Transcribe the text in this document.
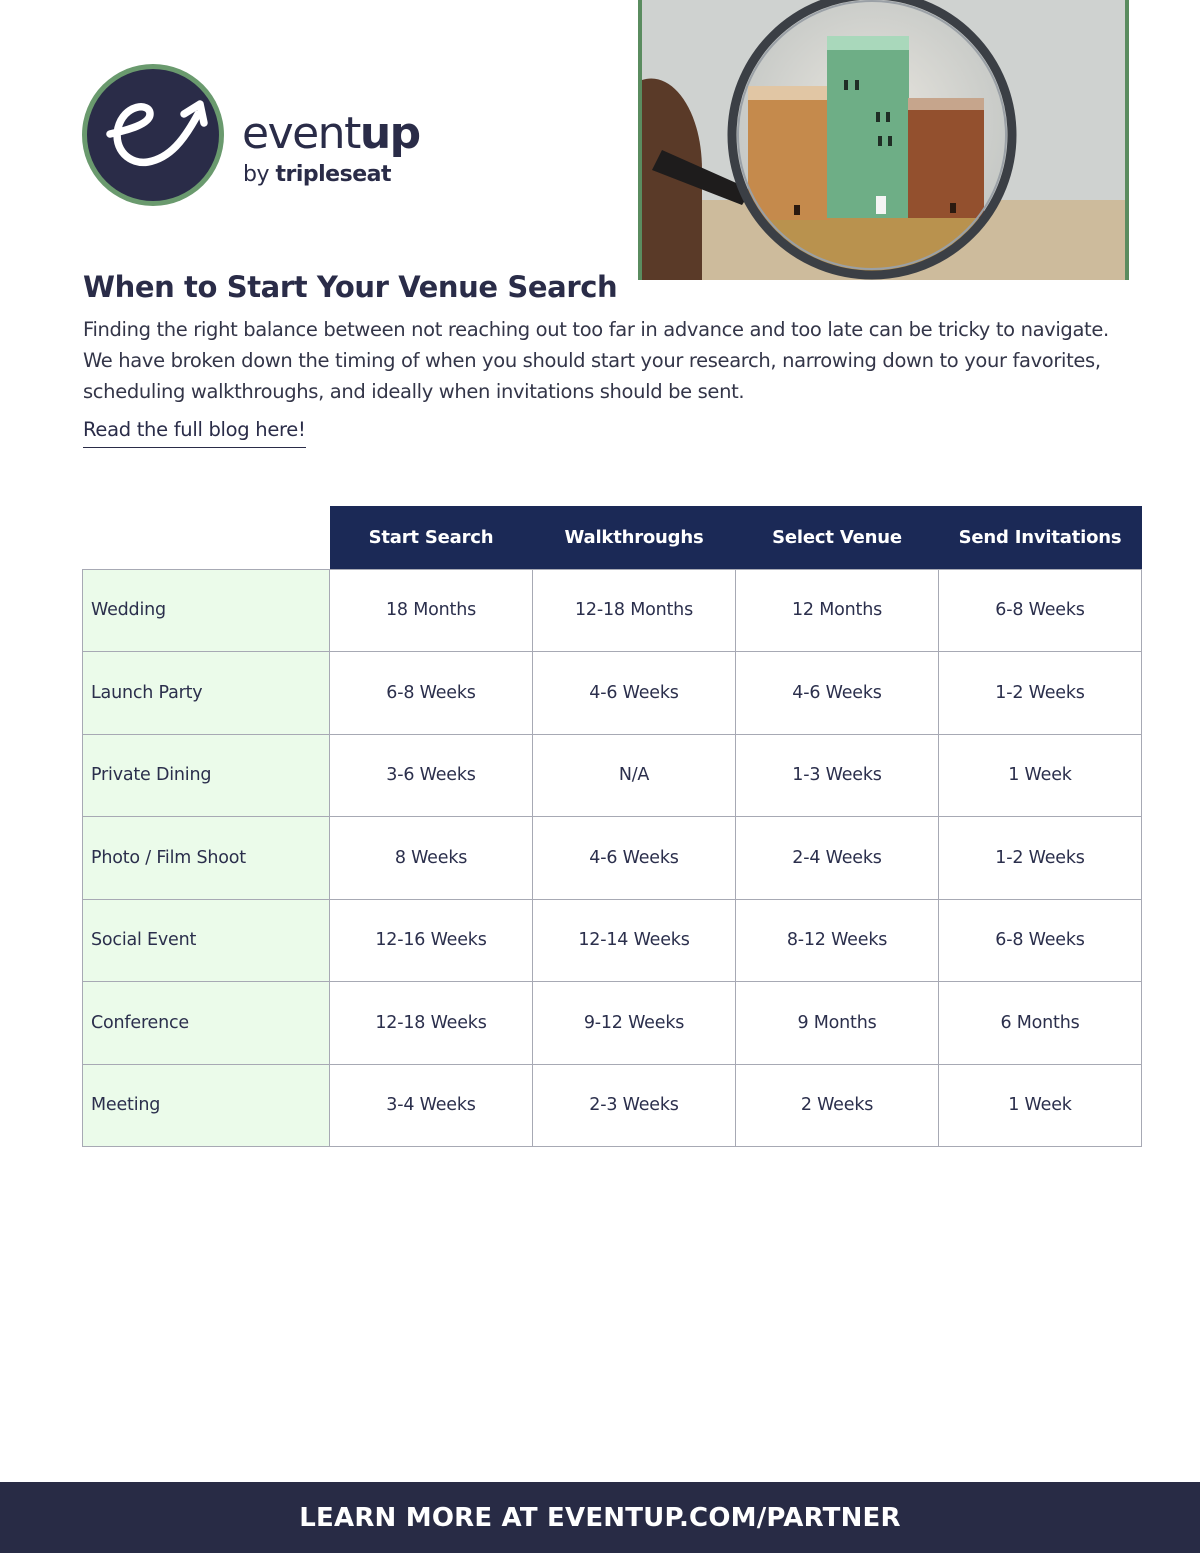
eventup
by tripleseat
When to Start Your Venue Search

Finding the right balance between not reaching out too far in advance and too late can be tricky to navigate. We have broken down the timing of when you should start your research, narrowing down to your favorites, scheduling walkthroughs, and ideally when invitations should be sent.

Read the full blog here!
	Start Search	Walkthroughs	Select Venue	Send Invitations
Wedding	18 Months	12-18 Months	12 Months	6-8 Weeks
Launch Party	6-8 Weeks	4-6 Weeks	4-6 Weeks	1-2 Weeks
Private Dining	3-6 Weeks	N/A	1-3 Weeks	1 Week
Photo / Film Shoot	8 Weeks	4-6 Weeks	2-4 Weeks	1-2 Weeks
Social Event	12-16 Weeks	12-14 Weeks	8-12 Weeks	6-8 Weeks
Conference	12-18 Weeks	9-12 Weeks	9 Months	6 Months
Meeting	3-4 Weeks	2-3 Weeks	2 Weeks	1 Week
LEARN MORE AT EVENTUP.COM/PARTNER
